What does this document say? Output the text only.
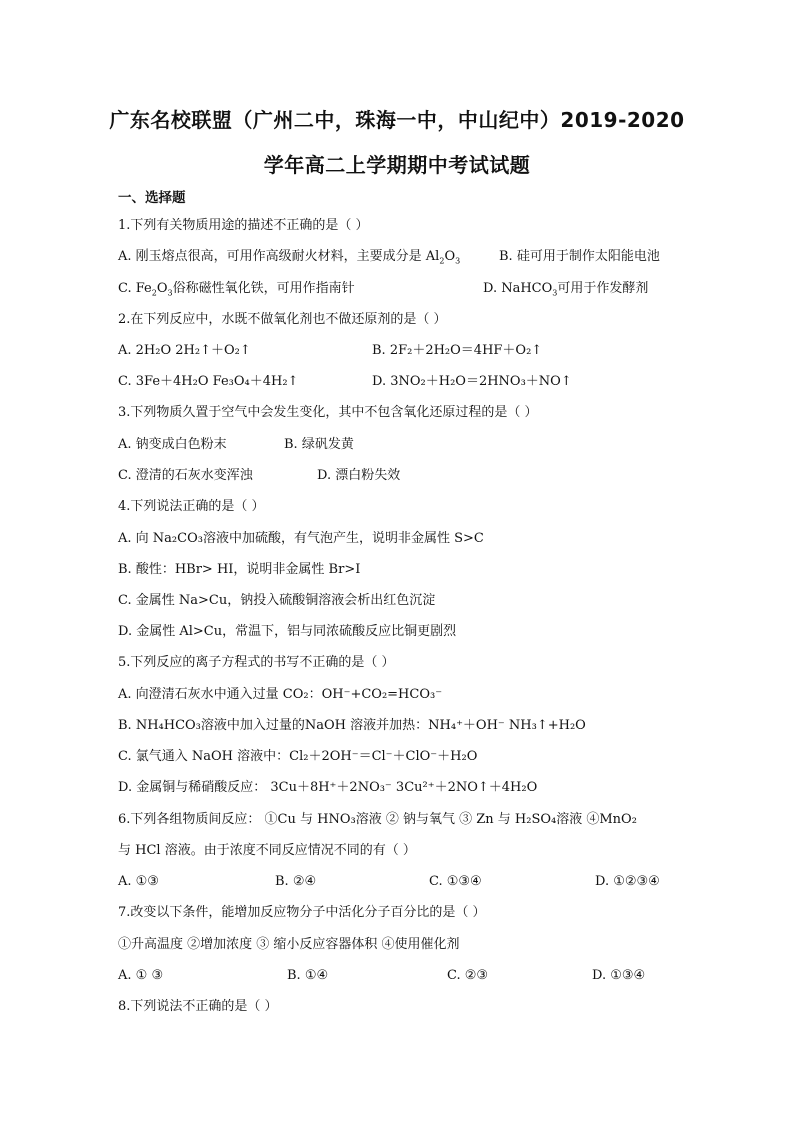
广东名校联盟（广州二中，珠海一中，中山纪中）2019-2020
学年高二上学期期中考试试题
一、选择题
1.下列有关物质用途的描述不正确的是（ ）
A. 刚玉熔点很高，可用作高级耐火材料，主要成分是 $Al_2O_3$	B. 硅可用于制作太阳能电池
C. $Fe_2O_3$俗称磁性氧化铁，可用作指南针	D. NaHCO$_3$可用于作发酵剂
2.在下列反应中，水既不做氧化剂也不做还原剂的是（ ）
A. 2H₂O 2H₂↑＋O₂↑	B. 2F₂＋2H₂O＝4HF＋O₂↑
C. 3Fe＋4H₂O Fe₃O₄＋4H₂↑	D. 3NO₂＋H₂O＝2HNO₃＋NO↑
3.下列物质久置于空气中会发生变化，其中不包含氧化还原过程的是（ ）
A. 钠变成白色粉末	B. 绿矾发黄
C. 澄清的石灰水变浑浊	D. 漂白粉失效
4.下列说法正确的是（ ）
A. 向 Na₂CO₃溶液中加硫酸，有气泡产生，说明非金属性 S>C
B. 酸性：HBr> HI，说明非金属性 Br>I
C. 金属性 Na>Cu，钠投入硫酸铜溶液会析出红色沉淀
D. 金属性 Al>Cu，常温下，铝与同浓硫酸反应比铜更剧烈
5.下列反应的离子方程式的书写不正确的是（ ）
A. 向澄清石灰水中通入过量 CO₂：OH⁻+CO₂=HCO₃⁻
B. NH₄HCO₃溶液中加入过量的NaOH 溶液并加热：NH₄⁺＋OH⁻ NH₃↑+H₂O
C. 氯气通入 NaOH 溶液中：Cl₂＋2OH⁻＝Cl⁻＋ClO⁻＋H₂O
D. 金属铜与稀硝酸反应： 3Cu＋8H⁺＋2NO₃⁻ 3Cu²⁺＋2NO↑＋4H₂O
6.下列各组物质间反应： ①Cu 与 HNO₃溶液 ② 钠与氧气 ③ Zn 与 H₂SO₄溶液 ④MnO₂
与 HCl 溶液。由于浓度不同反应情况不同的有（ ）
A. ①③	B. ②④	C. ①③④	D. ①②③④
7.改变以下条件，能增加反应物分子中活化分子百分比的是（ ）
①升高温度 ②增加浓度 ③ 缩小反应容器体积 ④使用催化剂
A. ① ③	B. ①④	C. ②③	D. ①③④
8.下列说法不正确的是（ ）
